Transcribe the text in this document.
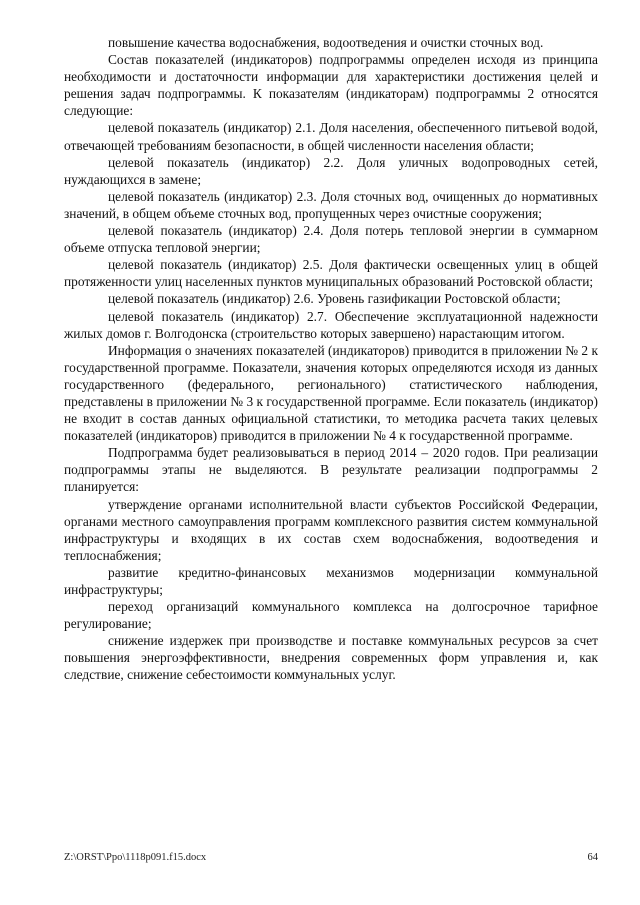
повышение качества водоснабжения, водоотведения и очистки сточных вод.

Состав показателей (индикаторов) подпрограммы определен исходя из принципа необходимости и достаточности информации для характеристики достижения целей и решения задач подпрограммы. К показателям (индикаторам) подпрограммы 2 относятся следующие:

целевой показатель (индикатор) 2.1. Доля населения, обеспеченного питьевой водой, отвечающей требованиям безопасности, в общей численности населения области;

целевой показатель (индикатор) 2.2. Доля уличных водопроводных сетей, нуждающихся в замене;

целевой показатель (индикатор) 2.3. Доля сточных вод, очищенных до нормативных значений, в общем объеме сточных вод, пропущенных через очистные сооружения;

целевой показатель (индикатор) 2.4. Доля потерь тепловой энергии в суммарном объеме отпуска тепловой энергии;

целевой показатель (индикатор) 2.5. Доля фактически освещенных улиц в общей протяженности улиц населенных пунктов муниципальных образований Ростовской области;

целевой показатель (индикатор) 2.6. Уровень газификации Ростовской области;

целевой показатель (индикатор) 2.7. Обеспечение эксплуатационной надежности жилых домов г. Волгодонска (строительство которых завершено) нарастающим итогом.

Информация о значениях показателей (индикаторов) приводится в приложении № 2 к государственной программе. Показатели, значения которых определяются исходя из данных государственного (федерального, регионального) статистического наблюдения, представлены в приложении № 3 к государственной программе. Если показатель (индикатор) не входит в состав данных официальной статистики, то методика расчета таких целевых показателей (индикаторов) приводится в приложении № 4 к государственной программе.

Подпрограмма будет реализовываться в период 2014 – 2020 годов. При реализации подпрограммы этапы не выделяются. В результате реализации подпрограммы 2 планируется:

утверждение органами исполнительной власти субъектов Российской Федерации, органами местного самоуправления программ комплексного развития систем коммунальной инфраструктуры и входящих в их состав схем водоснабжения, водоотведения и теплоснабжения;

развитие кредитно-финансовых механизмов модернизации коммунальной инфраструктуры;

переход организаций коммунального комплекса на долгосрочное тарифное регулирование;

снижение издержек при производстве и поставке коммунальных ресурсов за счет повышения энергоэффективности, внедрения современных форм управления и, как следствие, снижение себестоимости коммунальных услуг.

Z:\ORST\Ppo\1118p091.f15.docx	64
